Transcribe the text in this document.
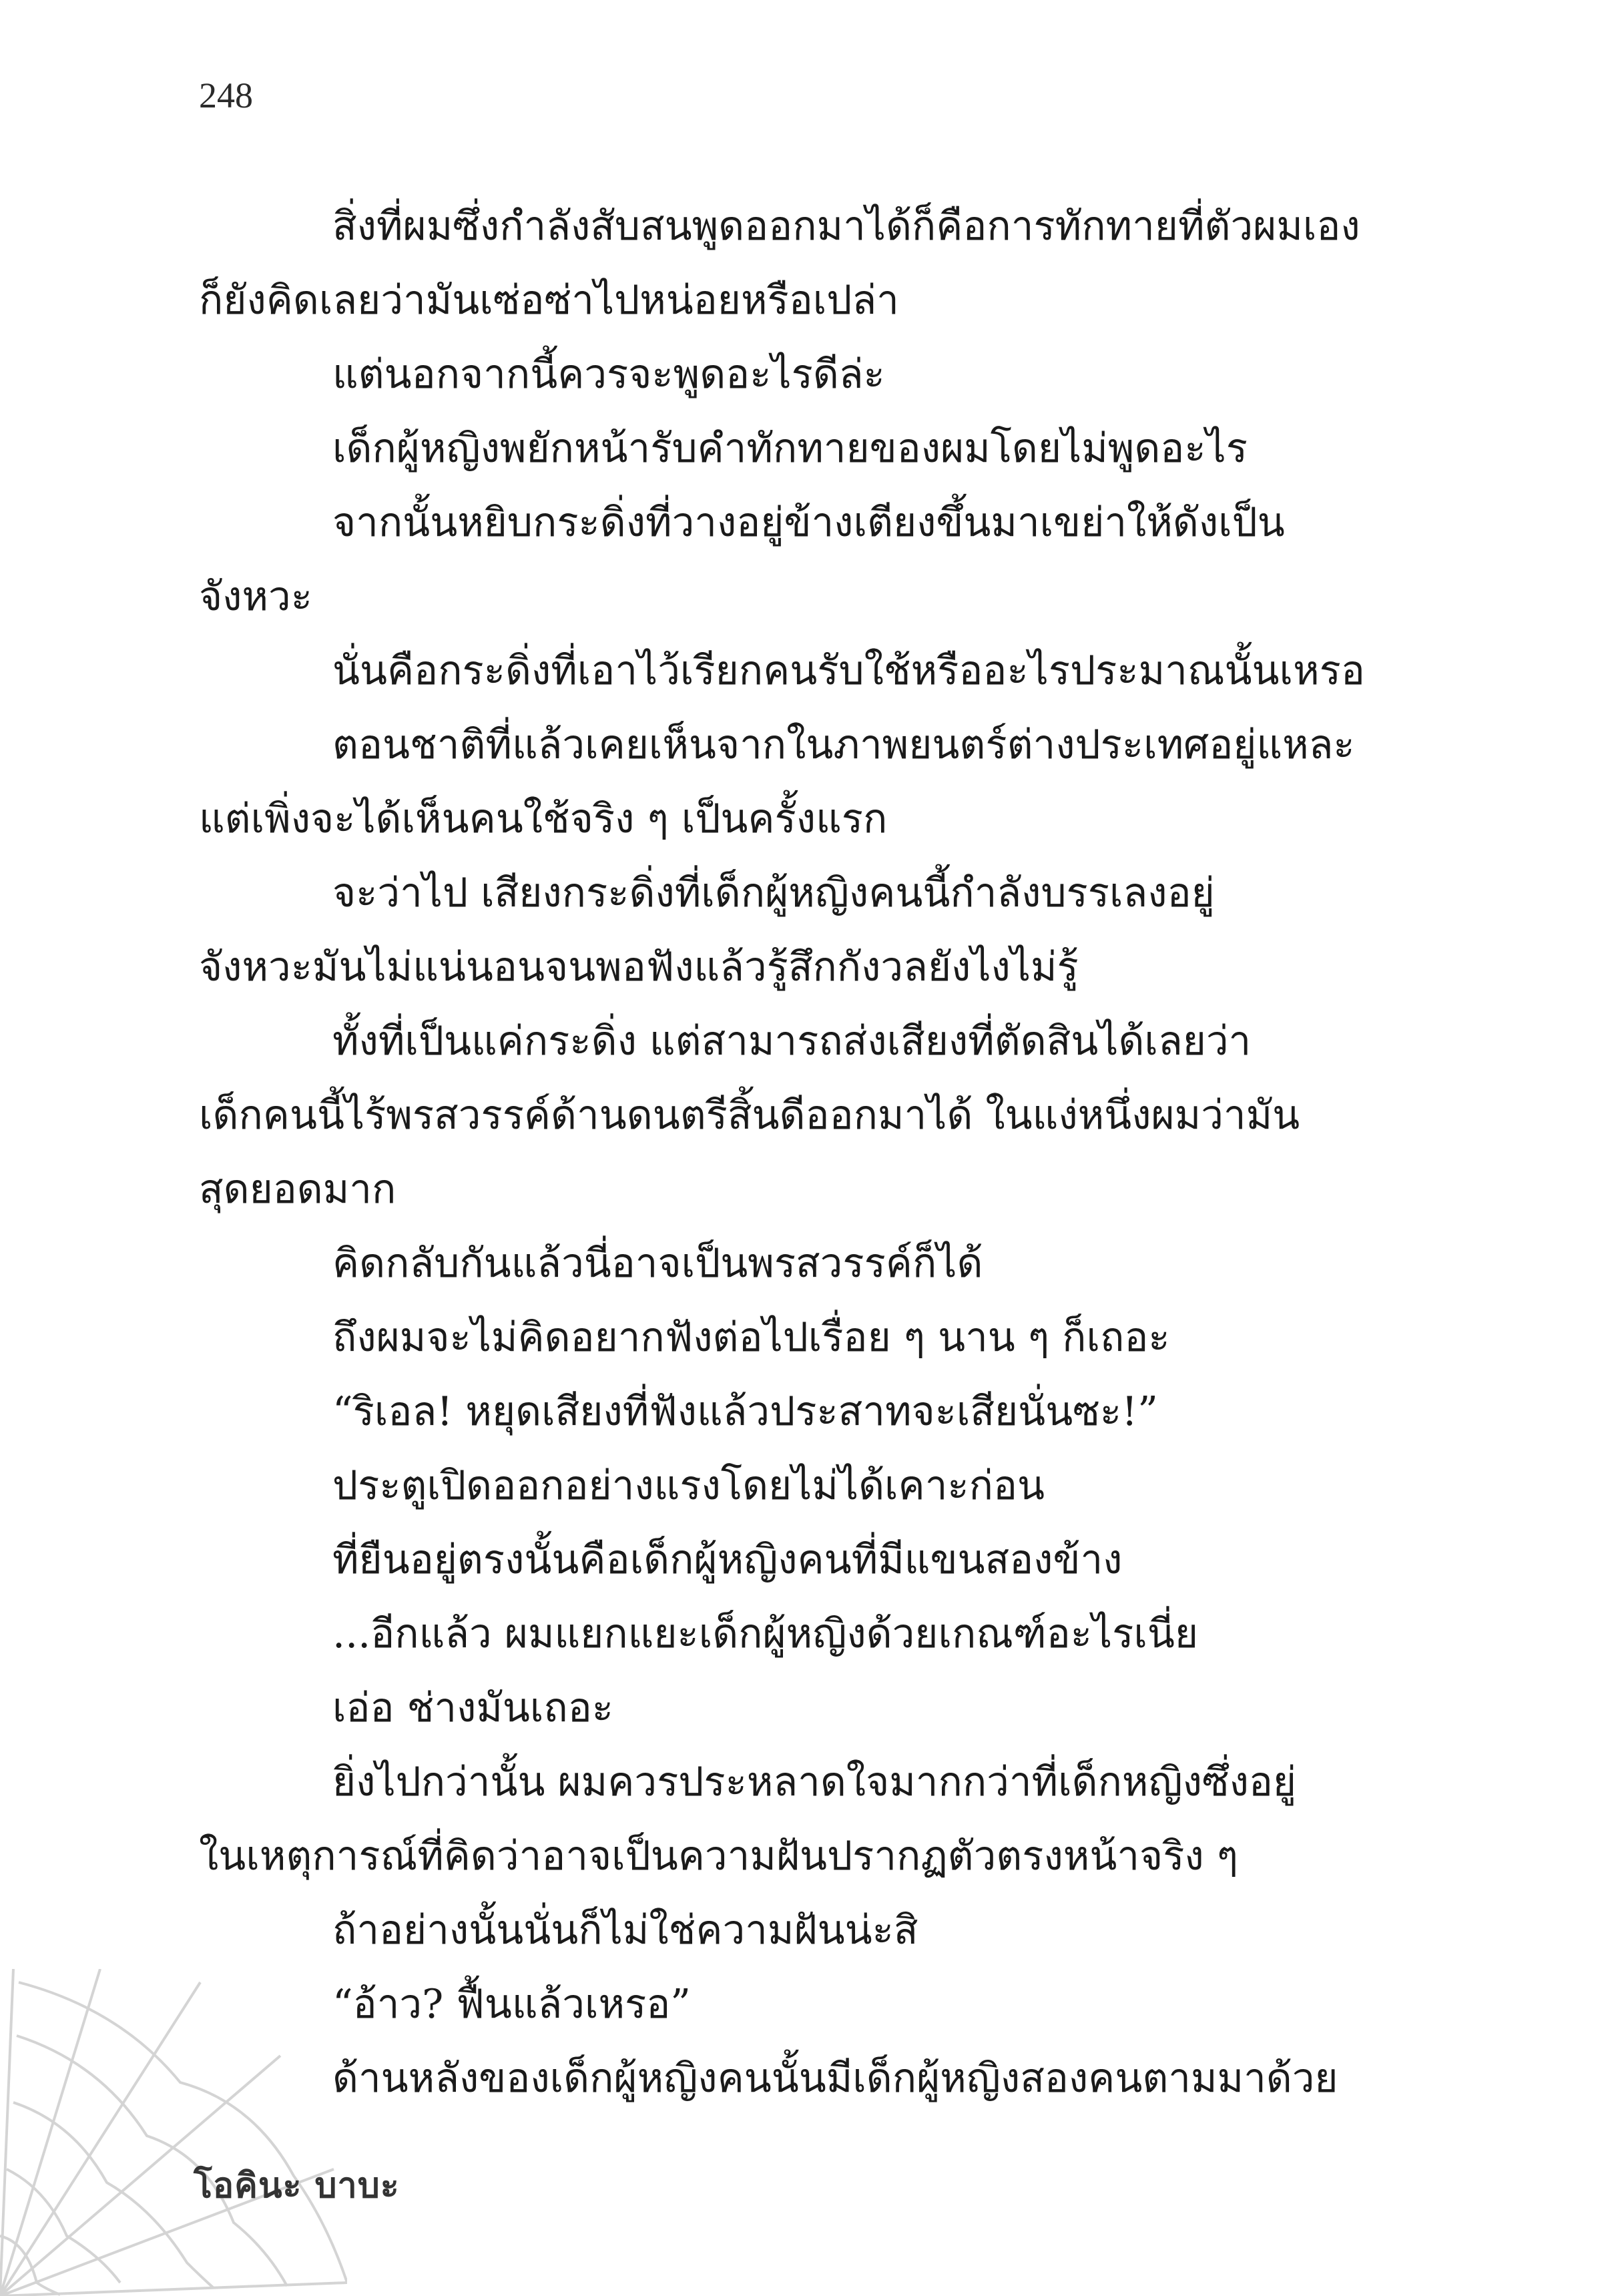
248
สิ่งที่ผมซึ่งกำลังสับสนพูดออกมาได้ก็คือการทักทายที่ตัวผมเอง
ก็ยังคิดเลยว่ามันเซ่อซ่าไปหน่อยหรือเปล่า
แต่นอกจากนี้ควรจะพูดอะไรดีล่ะ
เด็กผู้หญิงพยักหน้ารับคำทักทายของผมโดยไม่พูดอะไร
จากนั้นหยิบกระดิ่งที่วางอยู่ข้างเตียงขึ้นมาเขย่าให้ดังเป็น
จังหวะ
นั่นคือกระดิ่งที่เอาไว้เรียกคนรับใช้หรืออะไรประมาณนั้นเหรอ
ตอนชาติที่แล้วเคยเห็นจากในภาพยนตร์ต่างประเทศอยู่แหละ
แต่เพิ่งจะได้เห็นคนใช้จริง ๆ เป็นครั้งแรก
จะว่าไป เสียงกระดิ่งที่เด็กผู้หญิงคนนี้กำลังบรรเลงอยู่
จังหวะมันไม่แน่นอนจนพอฟังแล้วรู้สึกกังวลยังไงไม่รู้
ทั้งที่เป็นแค่กระดิ่ง แต่สามารถส่งเสียงที่ตัดสินได้เลยว่า
เด็กคนนี้ไร้พรสวรรค์ด้านดนตรีสิ้นดีออกมาได้ ในแง่หนึ่งผมว่ามัน
สุดยอดมาก
คิดกลับกันแล้วนี่อาจเป็นพรสวรรค์ก็ได้
ถึงผมจะไม่คิดอยากฟังต่อไปเรื่อย ๆ นาน ๆ ก็เถอะ
“ริเอล! หยุดเสียงที่ฟังแล้วประสาทจะเสียนั่นซะ!”
ประตูเปิดออกอย่างแรงโดยไม่ได้เคาะก่อน
ที่ยืนอยู่ตรงนั้นคือเด็กผู้หญิงคนที่มีแขนสองข้าง
...อีกแล้ว ผมแยกแยะเด็กผู้หญิงด้วยเกณฑ์อะไรเนี่ย
เอ่อ ช่างมันเถอะ
ยิ่งไปกว่านั้น ผมควรประหลาดใจมากกว่าที่เด็กหญิงซึ่งอยู่
ในเหตุการณ์ที่คิดว่าอาจเป็นความฝันปรากฏตัวตรงหน้าจริง ๆ
ถ้าอย่างนั้นนั่นก็ไม่ใช่ความฝันน่ะสิ
“อ้าว? ฟื้นแล้วเหรอ”
ด้านหลังของเด็กผู้หญิงคนนั้นมีเด็กผู้หญิงสองคนตามมาด้วย
โอคินะ บาบะ
